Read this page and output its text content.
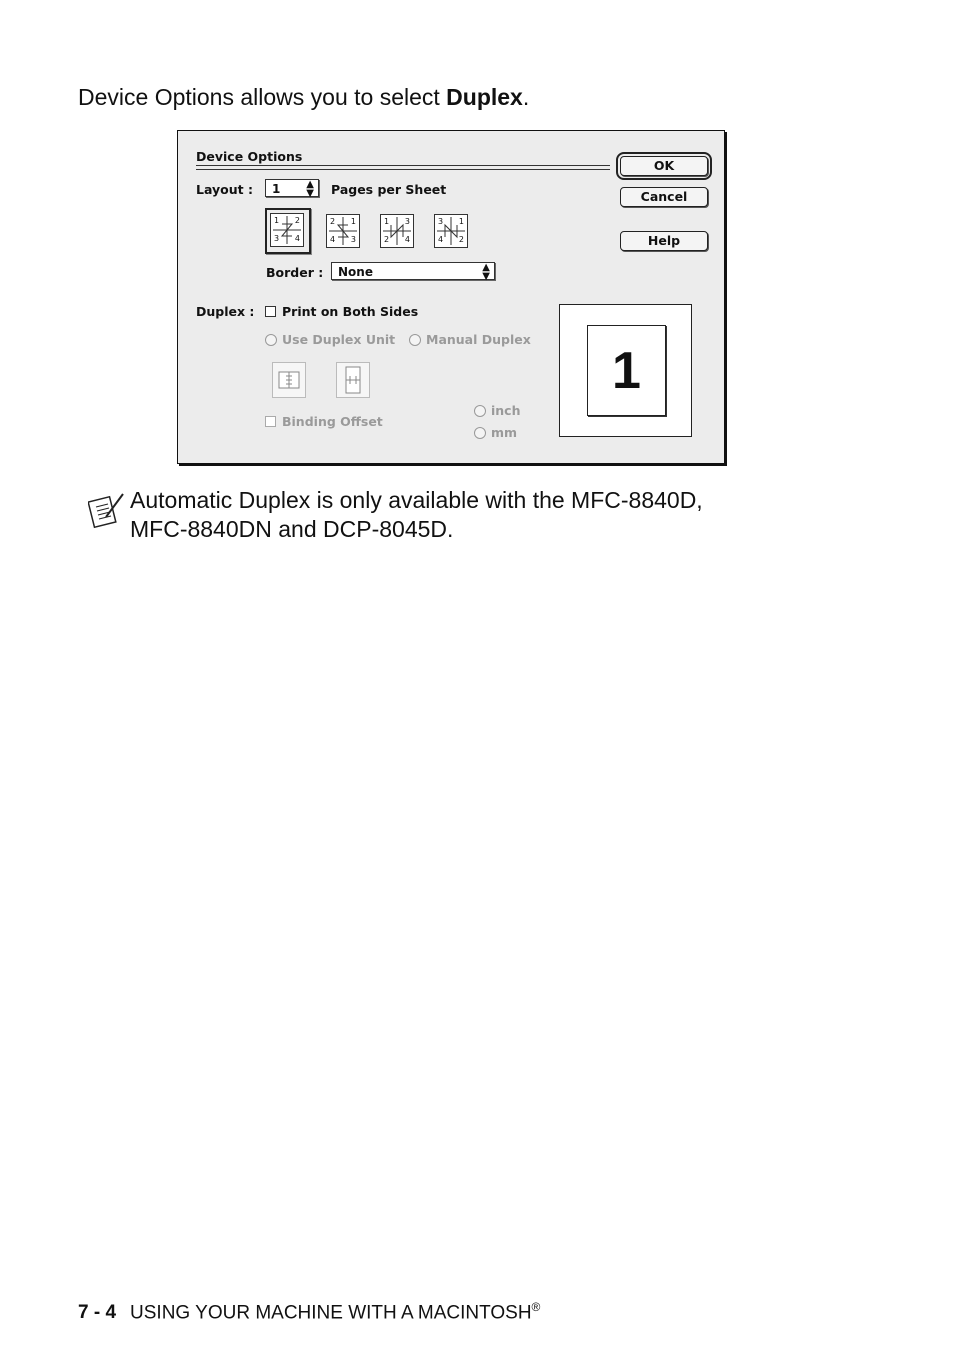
Device Options allows you to select Duplex.
Device Options
OK
Cancel
Help
Layout :	1	▲
▼ Pages per Sheet
1 2
3 4
2 1
4 3
1 3
2 4
3 1
4 2
Border :	None	▲
▼
Duplex : Print on Both Sides
Use Duplex Unit Manual Duplex
Binding Offset
inch
mm
1
Automatic Duplex is only available with the MFC-8840D,
MFC-8840DN and DCP-8045D.
7 - 4 USING YOUR MACHINE WITH A MACINTOSH®
